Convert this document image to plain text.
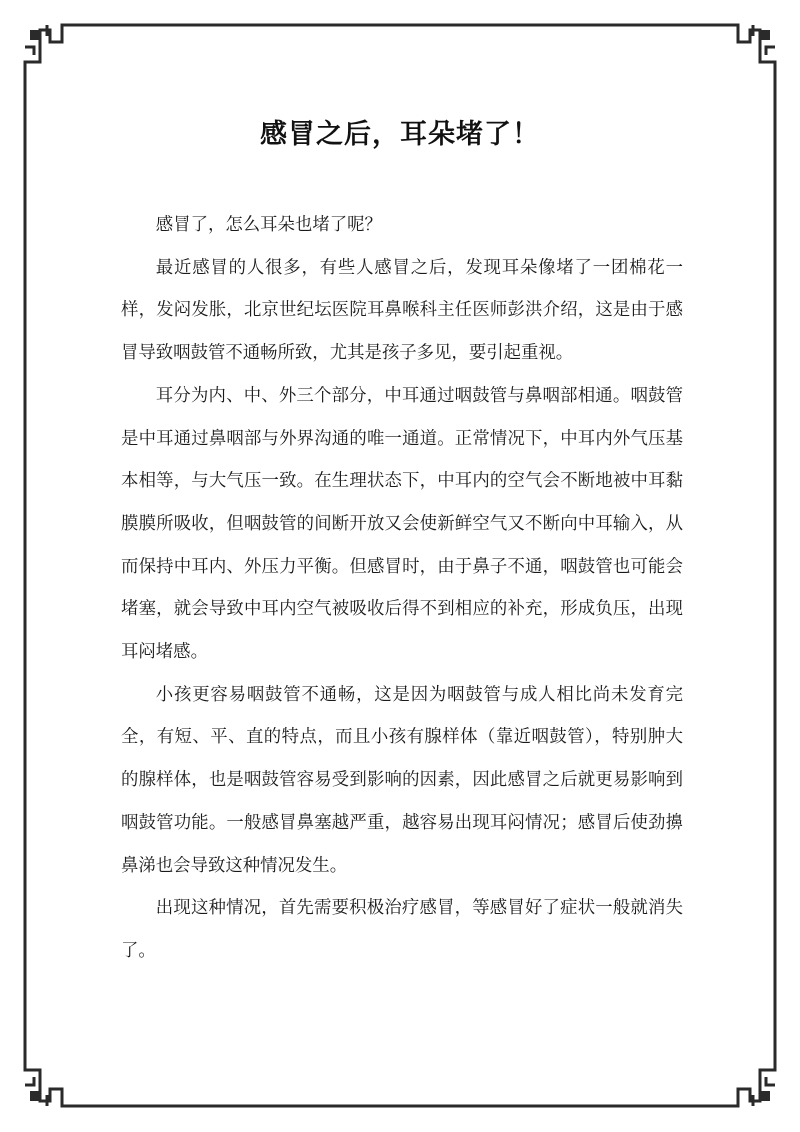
感冒之后，耳朵堵了！

感冒了，怎么耳朵也堵了呢？

最近感冒的人很多，有些人感冒之后，发现耳朵像堵了一团棉花一样，发闷发胀，北京世纪坛医院耳鼻喉科主任医师彭洪介绍，这是由于感冒导致咽鼓管不通畅所致，尤其是孩子多见，要引起重视。

耳分为内、中、外三个部分，中耳通过咽鼓管与鼻咽部相通。咽鼓管是中耳通过鼻咽部与外界沟通的唯一通道。正常情况下，中耳内外气压基本相等，与大气压一致。在生理状态下，中耳内的空气会不断地被中耳黏膜膜所吸收，但咽鼓管的间断开放又会使新鲜空气又不断向中耳输入，从而保持中耳内、外压力平衡。但感冒时，由于鼻子不通，咽鼓管也可能会堵塞，就会导致中耳内空气被吸收后得不到相应的补充，形成负压，出现耳闷堵感。

小孩更容易咽鼓管不通畅，这是因为咽鼓管与成人相比尚未发育完全，有短、平、直的特点，而且小孩有腺样体（靠近咽鼓管），特别肿大的腺样体，也是咽鼓管容易受到影响的因素，因此感冒之后就更易影响到咽鼓管功能。一般感冒鼻塞越严重，越容易出现耳闷情况；感冒后使劲擤鼻涕也会导致这种情况发生。

出现这种情况，首先需要积极治疗感冒，等感冒好了症状一般就消失了。
